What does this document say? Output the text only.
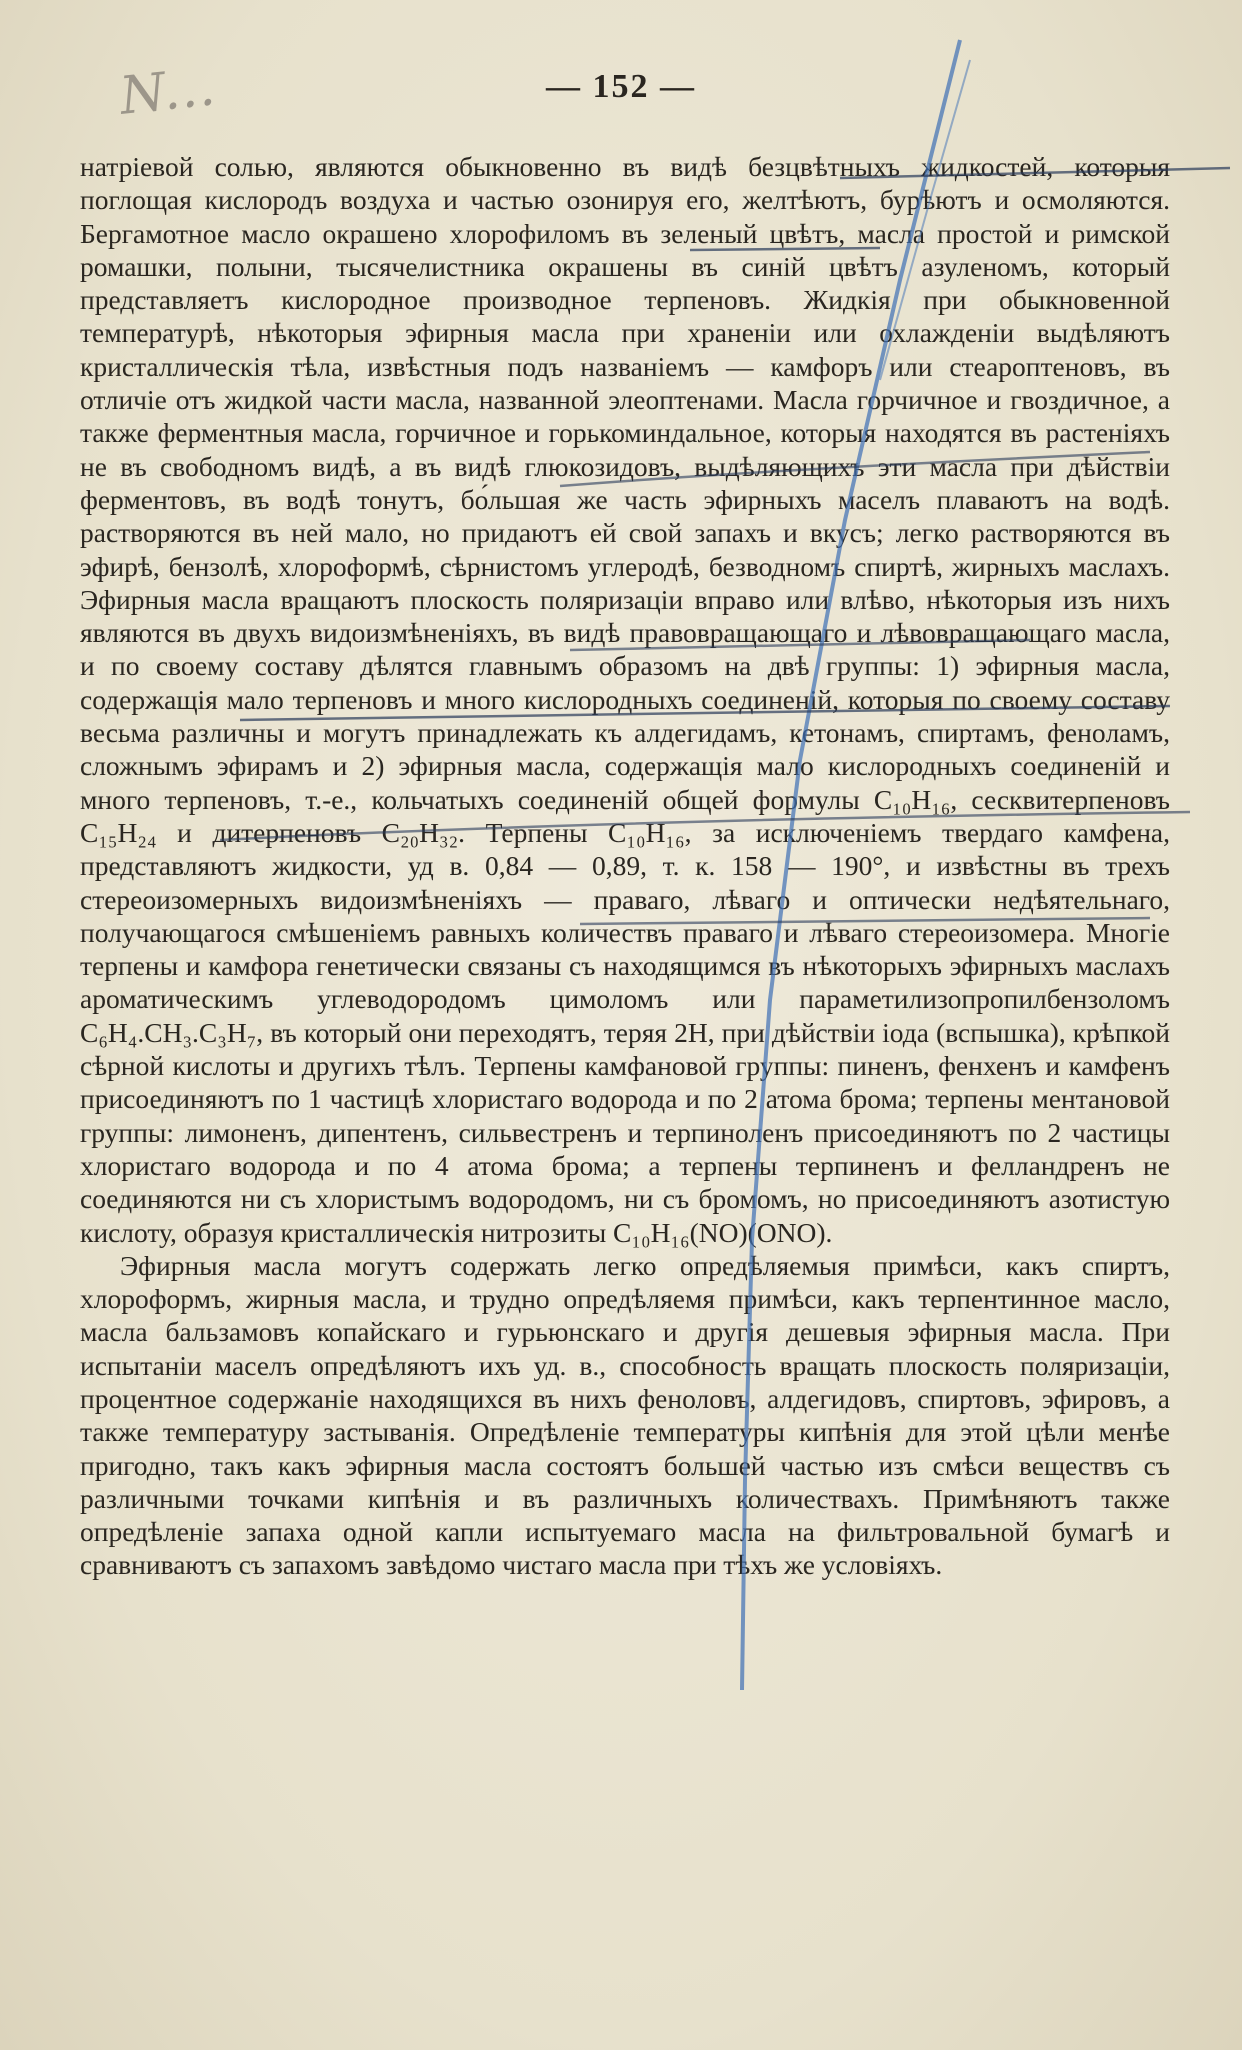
N...	— 152 —

натрiевой солью, являются обыкновенно въ видѣ безцвѣтныхъ жидкостей, которыя поглощая кислородъ воздуха и частью озонируя его, желтѣютъ, бурѣютъ и осмоляются. Бергамотное масло окрашено хлорофиломъ въ зеленый цвѣтъ, масла простой и римской ромашки, полыни, тысячелистника окрашены въ синiй цвѣтъ азуленомъ, который представляетъ кислородное производное терпеновъ. Жидкiя при обыкновенной температурѣ, нѣкоторыя эфирныя масла при храненiи или охлажденiи выдѣляютъ кристаллическiя тѣла, извѣстныя подъ названiемъ — камфоръ или стеароптеновъ, въ отличiе отъ жидкой части масла, названной элеоптенами. Масла горчичное и гвоздичное, а также ферментныя масла, горчичное и горькоминдальное, которыя находятся въ растенiяхъ не въ свободномъ видѣ, а въ видѣ глюкозидовъ, выдѣляющихъ эти масла при дѣйствiи ферментовъ, въ водѣ тонутъ, бо́льшая же часть эфирныхъ маселъ плаваютъ на водѣ. растворяются въ ней мало, но придаютъ ей свой запахъ и вкусъ; легко растворяются въ эфирѣ, бензолѣ, хлороформѣ, сѣрнистомъ углеродѣ, безводномъ спиртѣ, жирныхъ маслахъ. Эфирныя масла вращаютъ плоскость поляризацiи вправо или влѣво, нѣкоторыя изъ нихъ являются въ двухъ видоизмѣненiяхъ, въ видѣ правовращающаго и лѣвовращающаго масла, и по своему составу дѣлятся главнымъ образомъ на двѣ группы: 1) эфирныя масла, содержащiя мало терпеновъ и много кислородныхъ соединенiй, которыя по своему составу весьма различны и могутъ принадлежать къ алдегидамъ, кетонамъ, спиртамъ, фенoламъ, сложнымъ эфирамъ и 2) эфирныя масла, содержащiя мало кислородныхъ соединенiй и много терпеновъ, т.-е., кольчатыхъ соединенiй общей формулы C₁₀H₁₆, сесквитерпеновъ C₁₅H₂₄ и дитерпеновъ C₂₀H₃₂. Терпены C₁₀H₁₆, за исключенiемъ твердаго камфена, представляютъ жидкости, уд в. 0,84 — 0,89, т. к. 158 — 190°, и извѣстны въ трехъ стереоизомерныхъ видоизмѣненiяхъ — праваго, лѣваго и оптически недѣятельнаго, получающагося смѣшенiемъ равныхъ количествъ праваго и лѣваго стереоизомера. Многiе терпены и камфора генетически связаны съ находящимся въ нѣкоторыхъ эфирныхъ маслахъ ароматическимъ углеводородомъ цимоломъ или параметилизопропилбензоломъ C₆H₄.CH₃.C₃H₇, въ который они переходятъ, теряя 2H, при дѣйствiи iода (вспышка), крѣпкой сѣрной кислоты и другихъ тѣлъ. Терпены камфановой группы: пиненъ, фенхенъ и камфенъ присоединяютъ по 1 частицѣ хлористаго водорода и по 2 атома брома; терпены ментановой группы: лимоненъ, дипентенъ, сильвестренъ и терпиноленъ присоединяютъ по 2 частицы хлористаго водорода и по 4 атома брома; а терпены терпиненъ и фелландренъ не соединяются ни съ хлористымъ водородомъ, ни съ бромомъ, но присоединяютъ азотистую кислоту, образуя кристаллическiя нитрозиты C₁₀H₁₆(NO)(ONO).

Эфирныя масла могутъ содержать легко опредѣляемыя примѣси, какъ спиртъ, хлороформъ, жирныя масла, и трудно опредѣляемя примѣси, какъ терпентинное масло, масла бальзамовъ копайскаго и гурьюнскаго и другiя дешевыя эфирныя масла. При испытанiи маселъ опредѣляютъ ихъ уд. в., способность вращать плоскость поляризацiи, процентное содержанiе находящихся въ нихъ феноловъ, алдегидовъ, спиртовъ, эфировъ, а также температуру застыванiя. Опредѣленiе температуры кипѣнiя для этой цѣли менѣе пригодно, такъ какъ эфирныя масла состоятъ большей частью изъ смѣси веществъ съ различными точками кипѣнiя и въ различныхъ количествахъ. Примѣняютъ также опредѣленiе запаха одной капли испытуемаго масла на фильтровальной бумагѣ и сравниваютъ съ запахомъ завѣдомо чистаго масла при тѣхъ же условiяхъ.
